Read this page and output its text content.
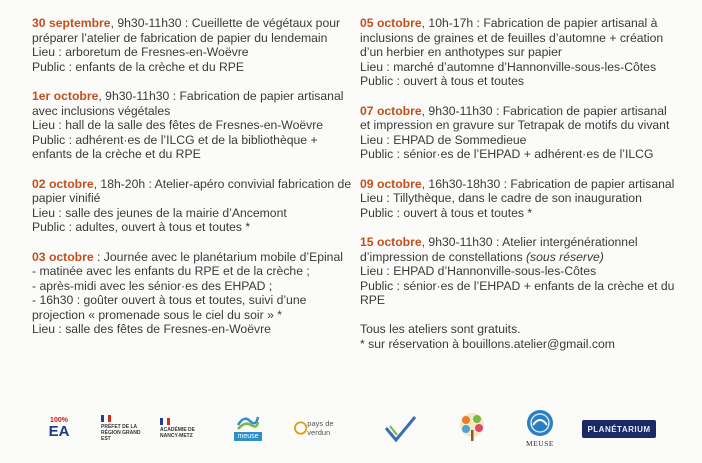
30 septembre, 9h30-11h30 : Cueillette de végétaux pour préparer l’atelier de fabrication de papier du lendemain

Lieu : arboretum de Fresnes-en-Woëvre

Public : enfants de la crèche et du RPE

1er octobre, 9h30-11h30 : Fabrication de papier artisanal avec inclusions végétales

Lieu : hall de la salle des fêtes de Fresnes-en-Woëvre

Public : adhérent·es de l’ILCG et de la bibliothèque + enfants de la crèche et du RPE

02 octobre, 18h-20h : Atelier-apéro convivial fabrication de papier vinifié

Lieu : salle des jeunes de la mairie d’Ancemont

Public : adultes, ouvert à tous et toutes *

03 octobre : Journée avec le planétarium mobile d’Epinal

- matinée avec les enfants du RPE et de la crèche ;

- après-midi avec les sénior·es des EHPAD ;

- 16h30 : goûter ouvert à tous et toutes, suivi d’une projection « promenade sous le ciel du soir » *

Lieu : salle des fêtes de Fresnes-en-Woëvre

05 octobre, 10h-17h : Fabrication de papier artisanal à inclusions de graines et de feuilles d’automne + création d’un herbier en anthotypes sur papier

Lieu : marché d’automne d’Hannonville-sous-les-Côtes

Public : ouvert à tous et toutes

07 octobre, 9h30-11h30 : Fabrication de papier artisanal et impression en gravure sur Tetrapak de motifs du vivant

Lieu : EHPAD de Sommedieue

Public : sénior·es de l’EHPAD + adhérent·es de l’ILCG

09 octobre, 16h30-18h30 : Fabrication de papier artisanal

Lieu : Tillythèque, dans le cadre de son inauguration

Public : ouvert à tous et toutes *

15 octobre, 9h30-11h30 : Atelier intergénérationnel d’impression de constellations (sous réserve)

Lieu : EHPAD d’Hannonville-sous-les-Côtes

Public : sénior·es de l’EHPAD + enfants de la crèche et du RPE

Tous les ateliers sont gratuits.

* sur réservation à bouillons.atelier@gmail.com

100%
EA	PRÉFET DE LA RÉGION GRAND EST
ACADÉMIE DE NANCY-METZ	meuse
pays de verdun
MEUSE
PLANÉTARIUM
